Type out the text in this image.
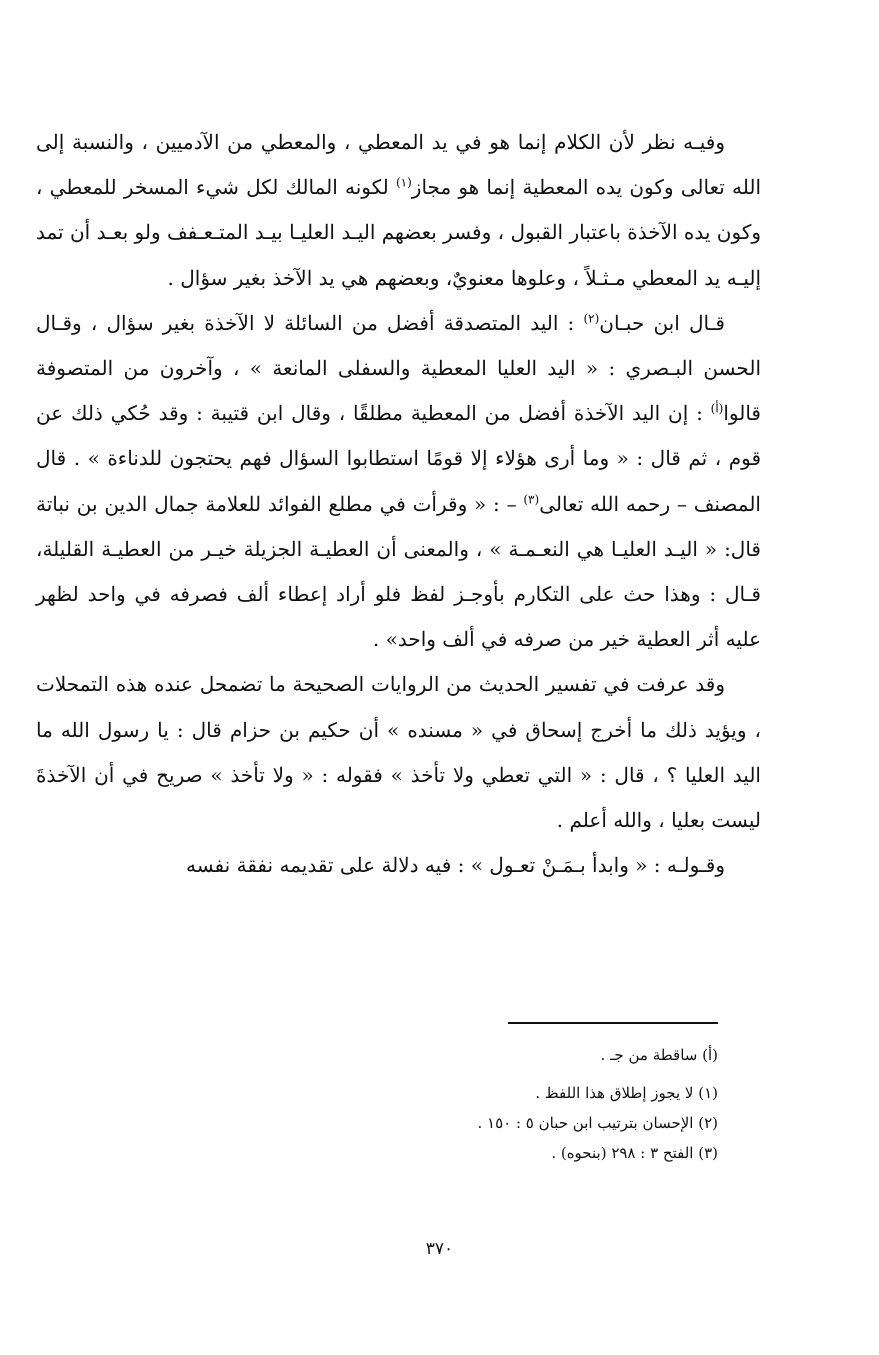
وفيـه نظر لأن الكلام إنما هو في يد المعطي ، والمعطي من الآدميين ، والنسبة إلى الله تعالى وكون يده المعطية إنما هو مجاز$^{(١)}$ لكونه المالك لكل شيء المسخر للمعطي ، وكون يده الآخذة باعتبار القبول ، وفسر بعضهم اليـد العليـا بيـد المتـعـفف ولو بعـد أن تمد إليـه يد المعطي مـثـلاً ، وعلوها معنويٌ، وبعضهم هي يد الآخذ بغير سؤال .

قـال ابن حبـان$^{(٢)}$ : اليد المتصدقة أفضل من السائلة لا الآخذة بغير سؤال ، وقـال الحسن البـصري : « اليد العليا المعطية والسفلى المانعة » ، وآخرون من المتصوفة قالوا$^{(أ)}$ : إن اليد الآخذة أفضل من المعطية مطلقًا ، وقال ابن قتيبة : وقد حُكي ذلك عن قوم ، ثم قال : « وما أرى هؤلاء إلا قومًا استطابوا السؤال فهم يحتجون للدناءة » . قال المصنف – رحمه الله تعالى$^{(٣)}$ – : « وقرأت في مطلع الفوائد للعلامة جمال الدين بن نباتة قال: « اليـد العليـا هي النعـمـة » ، والمعنى أن العطيـة الجزيلة خيـر من العطيـة القليلة، قـال : وهذا حث على التكارم بأوجـز لفظ فلو أراد إعطاء ألف فصرفه في واحد لظهر عليه أثر العطية خير من صرفه في ألف واحد» .

وقد عرفت في تفسير الحديث من الروايات الصحيحة ما تضمحل عنده هذه التمحلات ، ويؤيد ذلك ما أخرج إسحاق في « مسنده » أن حكيم بن حزام قال : يا رسول الله ما اليد العليا ؟ ، قال : « التي تعطي ولا تأخذ » فقوله : « ولا تأخذ » صريح في أن الآخذةَ ليست بعليا ، والله أعلم .

وقـولـه : « وابدأ بـمَـنْ تعـول » : فيه دلالة على تقديمه نفقة نفسه

(أ) ساقطة من جـ .

(١) لا يجوز إطلاق هذا اللفظ .

(٢) الإحسان بترتيب ابن حبان ٥ : ١٥٠ .

(٣) الفتح ٣ : ٢٩٨ (بنحوه) .

٣٧٠
